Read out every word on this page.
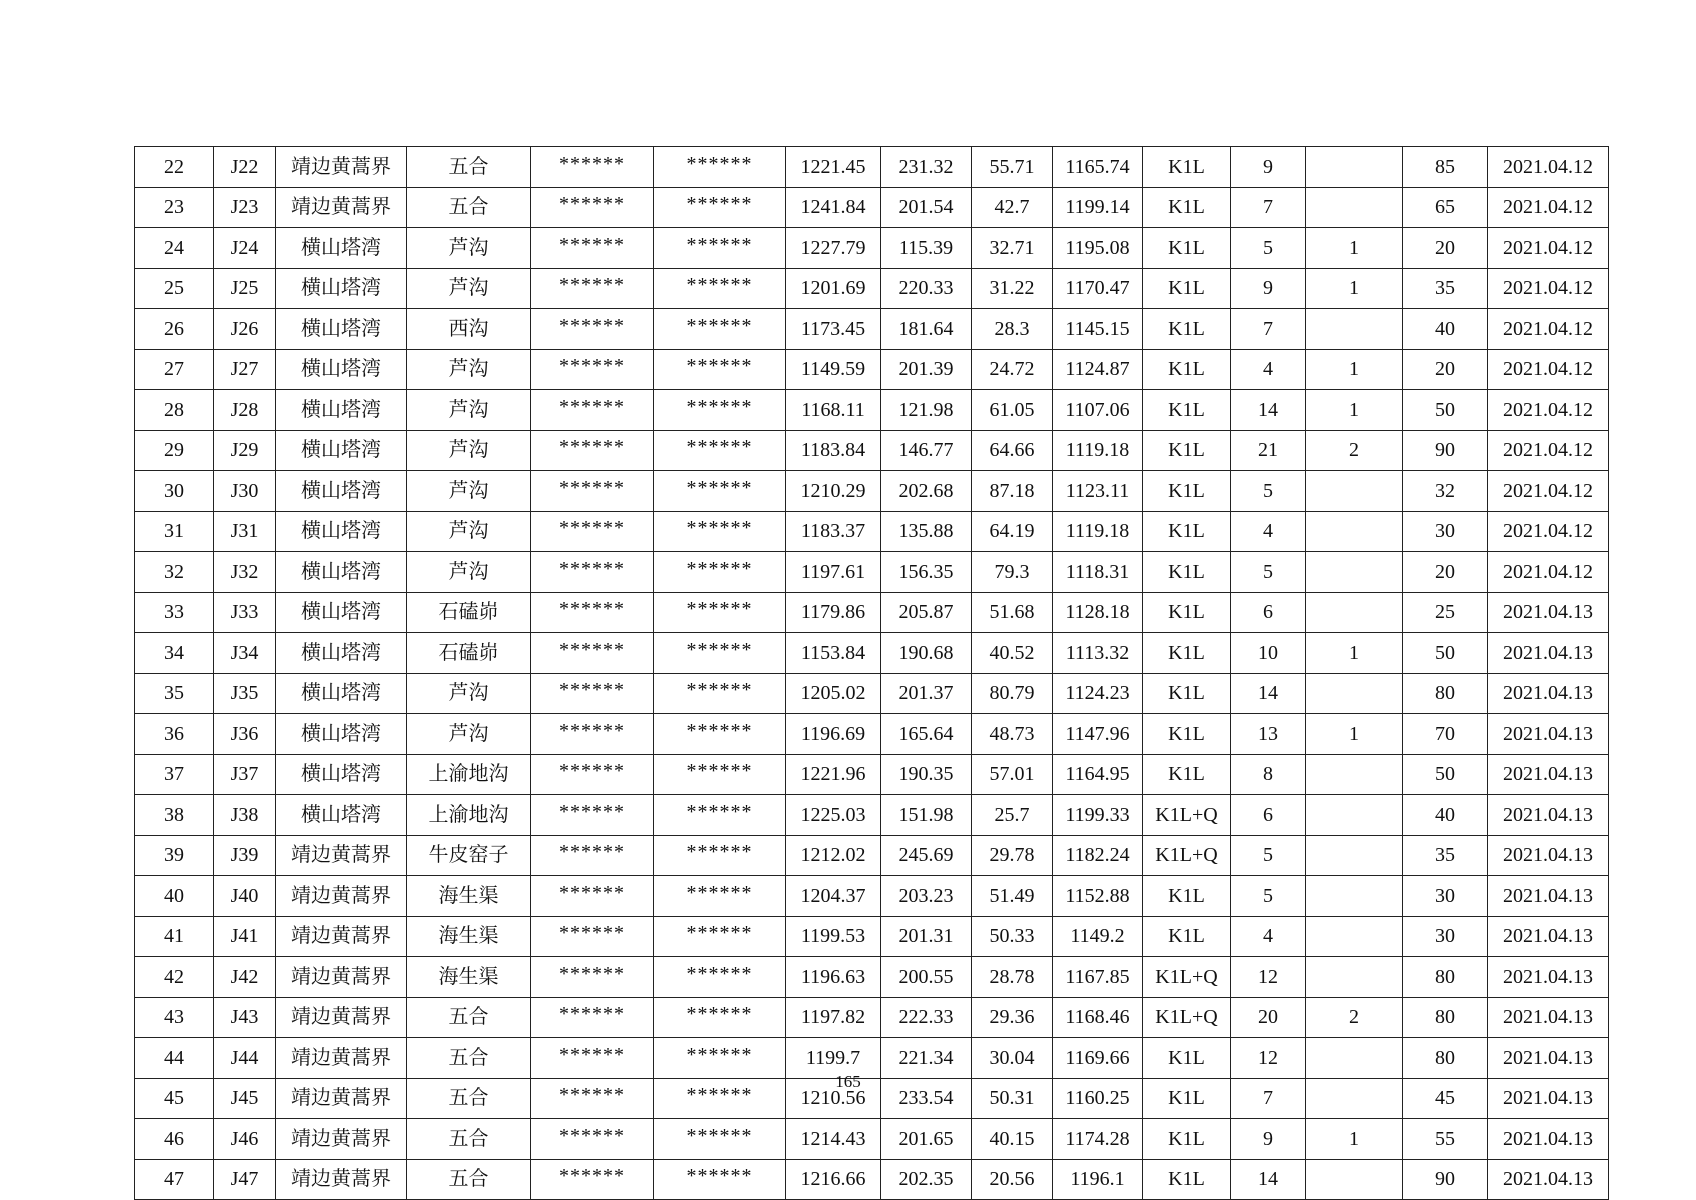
22	J22	靖边黄蒿界	五合	******	******	1221.45	231.32	55.71	1165.74	K1L	9		85	2021.04.12
23	J23	靖边黄蒿界	五合	******	******	1241.84	201.54	42.7	1199.14	K1L	7		65	2021.04.12
24	J24	横山塔湾	芦沟	******	******	1227.79	115.39	32.71	1195.08	K1L	5	1	20	2021.04.12
25	J25	横山塔湾	芦沟	******	******	1201.69	220.33	31.22	1170.47	K1L	9	1	35	2021.04.12
26	J26	横山塔湾	西沟	******	******	1173.45	181.64	28.3	1145.15	K1L	7		40	2021.04.12
27	J27	横山塔湾	芦沟	******	******	1149.59	201.39	24.72	1124.87	K1L	4	1	20	2021.04.12
28	J28	横山塔湾	芦沟	******	******	1168.11	121.98	61.05	1107.06	K1L	14	1	50	2021.04.12
29	J29	横山塔湾	芦沟	******	******	1183.84	146.77	64.66	1119.18	K1L	21	2	90	2021.04.12
30	J30	横山塔湾	芦沟	******	******	1210.29	202.68	87.18	1123.11	K1L	5		32	2021.04.12
31	J31	横山塔湾	芦沟	******	******	1183.37	135.88	64.19	1119.18	K1L	4		30	2021.04.12
32	J32	横山塔湾	芦沟	******	******	1197.61	156.35	79.3	1118.31	K1L	5		20	2021.04.12
33	J33	横山塔湾	石磕峁	******	******	1179.86	205.87	51.68	1128.18	K1L	6		25	2021.04.13
34	J34	横山塔湾	石磕峁	******	******	1153.84	190.68	40.52	1113.32	K1L	10	1	50	2021.04.13
35	J35	横山塔湾	芦沟	******	******	1205.02	201.37	80.79	1124.23	K1L	14		80	2021.04.13
36	J36	横山塔湾	芦沟	******	******	1196.69	165.64	48.73	1147.96	K1L	13	1	70	2021.04.13
37	J37	横山塔湾	上渝地沟	******	******	1221.96	190.35	57.01	1164.95	K1L	8		50	2021.04.13
38	J38	横山塔湾	上渝地沟	******	******	1225.03	151.98	25.7	1199.33	K1L+Q	6		40	2021.04.13
39	J39	靖边黄蒿界	牛皮窑子	******	******	1212.02	245.69	29.78	1182.24	K1L+Q	5		35	2021.04.13
40	J40	靖边黄蒿界	海生渠	******	******	1204.37	203.23	51.49	1152.88	K1L	5		30	2021.04.13
41	J41	靖边黄蒿界	海生渠	******	******	1199.53	201.31	50.33	1149.2	K1L	4		30	2021.04.13
42	J42	靖边黄蒿界	海生渠	******	******	1196.63	200.55	28.78	1167.85	K1L+Q	12		80	2021.04.13
43	J43	靖边黄蒿界	五合	******	******	1197.82	222.33	29.36	1168.46	K1L+Q	20	2	80	2021.04.13
44	J44	靖边黄蒿界	五合	******	******	1199.7	221.34	30.04	1169.66	K1L	12		80	2021.04.13
45	J45	靖边黄蒿界	五合	******	******	1210.56	233.54	50.31	1160.25	K1L	7		45	2021.04.13
46	J46	靖边黄蒿界	五合	******	******	1214.43	201.65	40.15	1174.28	K1L	9	1	55	2021.04.13
47	J47	靖边黄蒿界	五合	******	******	1216.66	202.35	20.56	1196.1	K1L	14		90	2021.04.13
165
